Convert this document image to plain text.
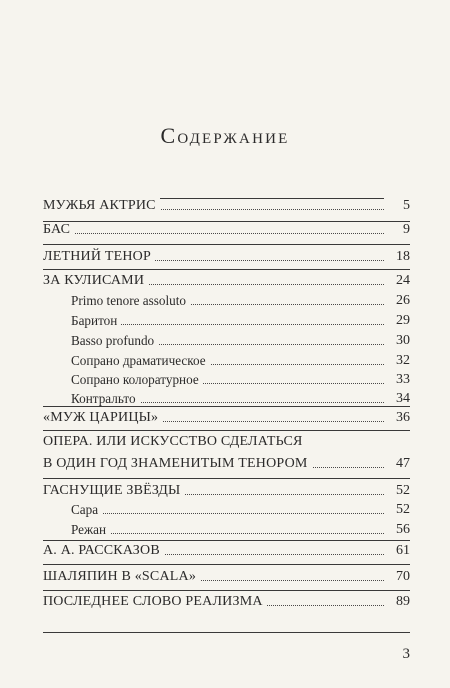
Содержание
МУЖЬЯ АКТРИС	5
БАС	9
ЛЕТНИЙ ТЕНОР	18
ЗА КУЛИСАМИ	24
Primo tenore assoluto	26
Баритон	29
Basso profundo	30
Сопрано драматическое	32
Сопрано колоратурное	33
Контральто	34
«МУЖ ЦАРИЦЫ»	36
ОПЕРА. ИЛИ ИСКУССТВО СДЕЛАТЬСЯ
В ОДИН ГОД ЗНАМЕНИТЫМ ТЕНОРОМ	47
ГАСНУЩИЕ ЗВЁЗДЫ	52
Сара	52
Режан	56
А. А. РАССКАЗОВ	61
ШАЛЯПИН В «SCALA»	70
ПОСЛЕДНЕЕ СЛОВО РЕАЛИЗМА	89
3
